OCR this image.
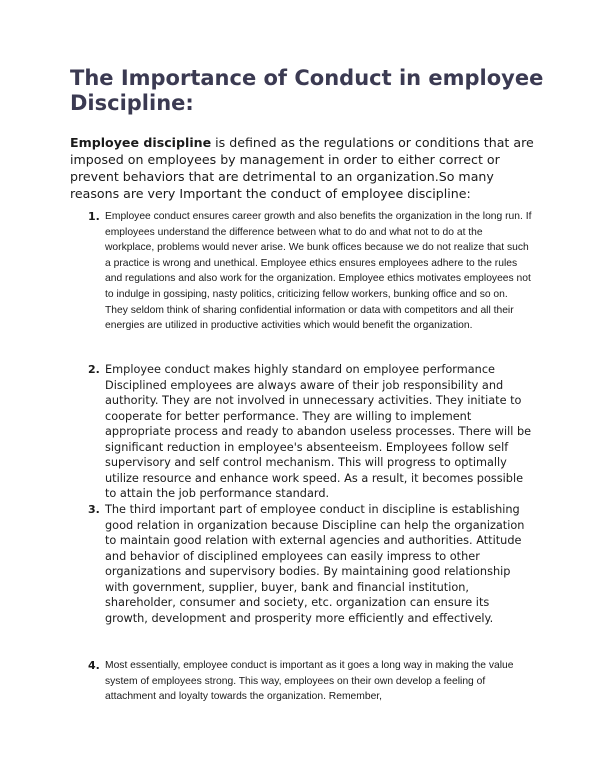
The Importance of Conduct in employee Discipline:

Employee discipline is defined as the regulations or conditions that are imposed on employees by management in order to either correct or prevent behaviors that are detrimental to an organization.So many reasons are very Important the conduct of employee discipline:

1. Employee conduct ensures career growth and also benefits the organization in the long run. If employees understand the difference between what to do and what not to do at the workplace, problems would never arise. We bunk offices because we do not realize that such a practice is wrong and unethical. Employee ethics ensures employees adhere to the rules and regulations and also work for the organization. Employee ethics motivates employees not to indulge in gossiping, nasty politics, criticizing fellow workers, bunking office and so on. They seldom think of sharing confidential information or data with competitors and all their energies are utilized in productive activities which would benefit the organization.
2. Employee conduct makes highly standard on employee performance Disciplined employees are always aware of their job responsibility and authority. They are not involved in unnecessary activities. They initiate to cooperate for better performance. They are willing to implement appropriate process and ready to abandon useless processes. There will be significant reduction in employee's absenteeism. Employees follow self supervisory and self control mechanism. This will progress to optimally utilize resource and enhance work speed. As a result, it becomes possible to attain the job performance standard.
3. The third important part of employee conduct in discipline is establishing good relation in organization because Discipline can help the organization to maintain good relation with external agencies and authorities. Attitude and behavior of disciplined employees can easily impress to other organizations and supervisory bodies. By maintaining good relationship with government, supplier, buyer, bank and financial institution, shareholder, consumer and society, etc. organization can ensure its growth, development and prosperity more efficiently and effectively.
4. Most essentially, employee conduct is important as it goes a long way in making the value system of employees strong. This way, employees on their own develop a feeling of attachment and loyalty towards the organization. Remember,
